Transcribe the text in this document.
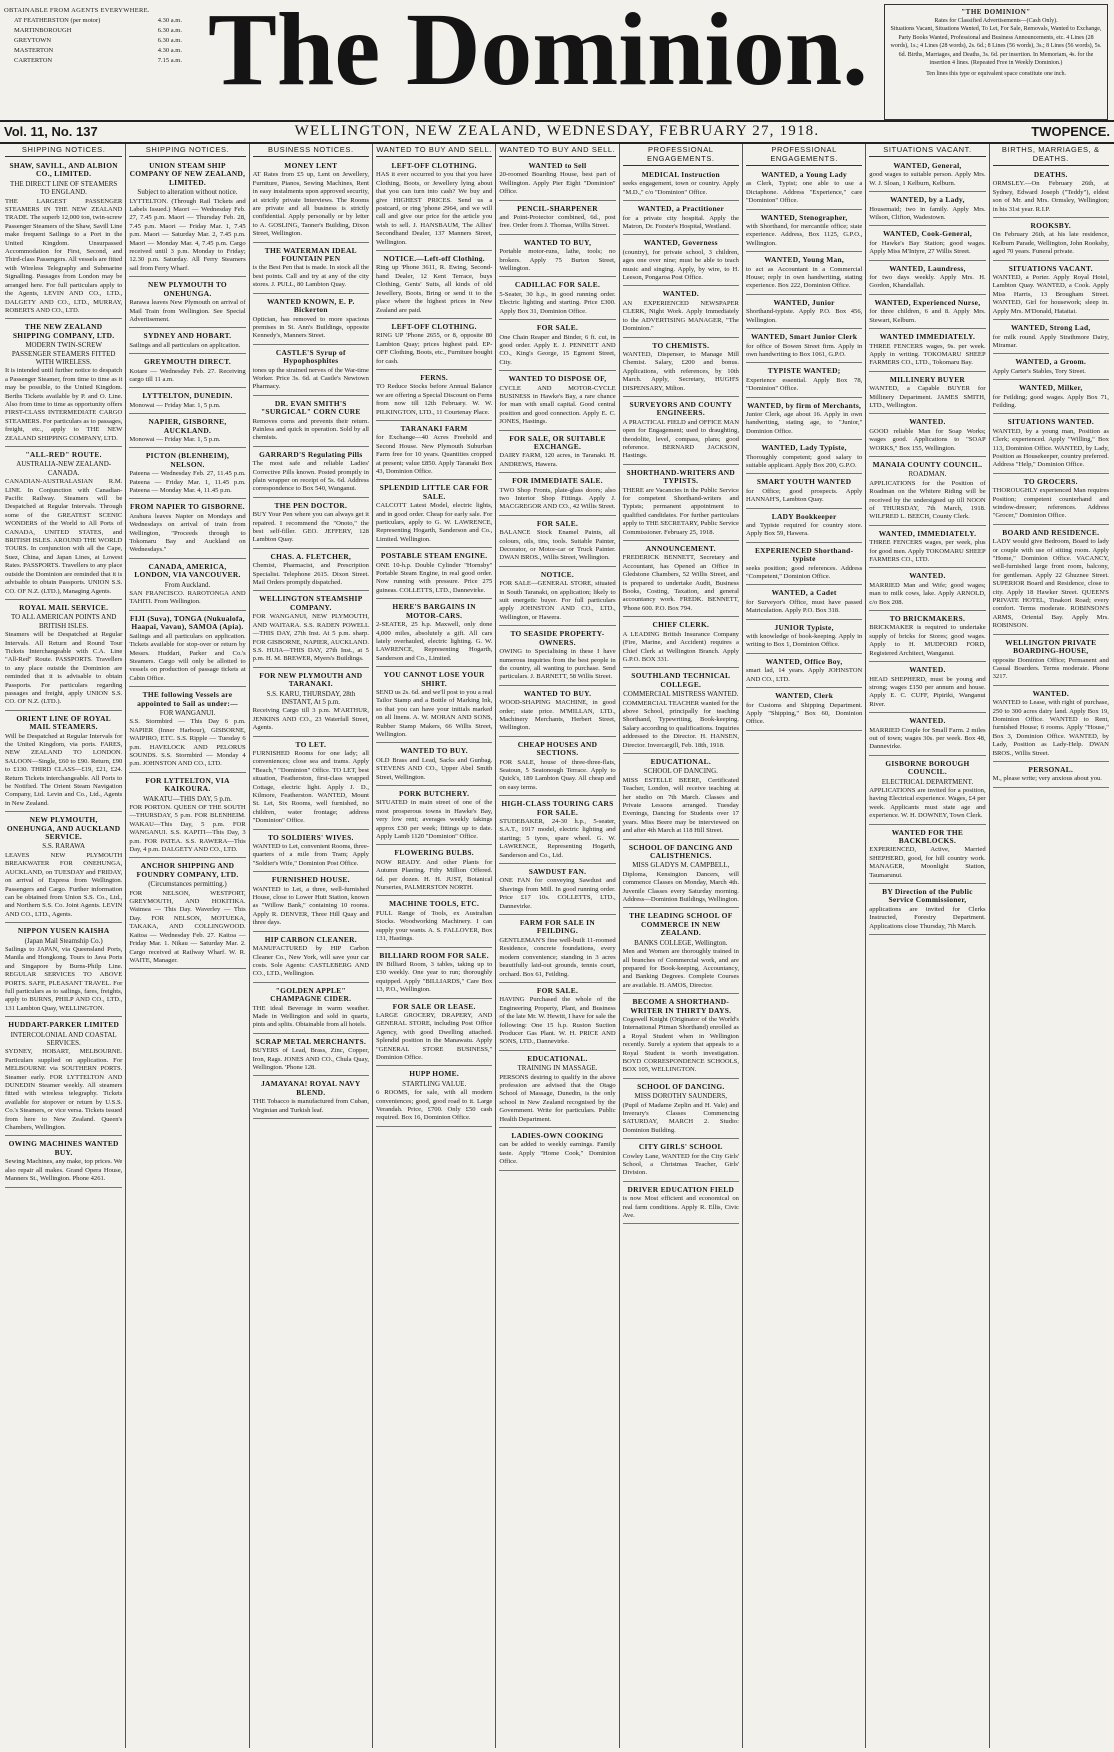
OBTAINABLE FROM AGENTS EVERYWHERE.
AT FEATHERSTON (per motor)	4.30 a.m.
MARTINBOROUGH	6.30 a.m.
GREYTOWN	6.30 a.m.
MASTERTON	4.30 a.m.
CARTERTON	7.15 a.m. The Dominion.	"THE DOMINION"
Rates for Classified Advertisements—(Cash Only).
Situations Vacant, Situations Wanted, To Let, For Sale, Removals, Wanted to Exchange, Party Books Wanted, Professional and Business Announcements, etc. 4 Lines (28 words), 1s.; 4 Lines (28 words), 2s. 6d.; 8 Lines (56 words), 3s.; 8 Lines (56 words), 5s. 6d. Births, Marriages, and Deaths, 3s. 6d. per insertion. In Memoriam, 4s. for the insertion 4 lines. (Repeated Free in Weekly Dominion.)
Ten lines this type or equivalent space constitute one inch.
WELLINGTON, NEW ZEALAND, WEDNESDAY, FEBRUARY 27, 1918.
Vol. 11, No. 137	TWOPENCE.
SHIPPING NOTICES.
SHAW, SAVILL, AND ALBION CO., LIMITED.
THE DIRECT LINE OF STEAMERS TO ENGLAND.
THE LARGEST PASSENGER STEAMERS IN THE NEW ZEALAND TRADE. The superb 12,000 ton, twin-screw Passenger Steamers of the Shaw, Savill Line make frequent Sailings to a Port in the United Kingdom. Unsurpassed Accommodation for First, Second, and Third-class Passengers. All vessels are fitted with Wireless Telegraphy and Submarine Signalling. Passages from London may be arranged here. For full particulars apply to the Agents, LEVIN AND CO., LTD., DALGETY AND CO., LTD., MURRAY, ROBERTS AND CO., LTD.
THE NEW ZEALAND SHIPPING COMPANY, LTD.
MODERN TWIN-SCREW PASSENGER STEAMERS FITTED WITH WIRELESS.
It is intended until further notice to despatch a Passenger Steamer, from time to time as it may be possible, to the United Kingdom. Berths Tickets available by P. and O. Line. Also from time to time as opportunity offers FIRST-CLASS INTERMEDIATE CARGO STEAMERS. For particulars as to passages, freight, etc., apply to THE NEW ZEALAND SHIPPING COMPANY, LTD.
"ALL-RED" ROUTE.
AUSTRALIA-NEW ZEALAND-CANADA.
CANADIAN-AUSTRALASIAN R.M. LINE. In Conjunction with Canadian-Pacific Railway. Steamers will be Despatched at Regular Intervals. Through some of the GREATEST SCENIC WONDERS of the World to All Ports of CANADA, UNITED STATES, and BRITISH ISLES. AROUND THE WORLD TOURS. In conjunction with all the Cape, Suez, China, and Japan Lines, at Lowest Rates. PASSPORTS. Travellers to any place outside the Dominion are reminded that it is advisable to obtain Passports. UNION S.S. CO. OF N.Z. (LTD.), Managing Agents.
ROYAL MAIL SERVICE.
TO ALL AMERICAN POINTS AND BRITISH ISLES.
Steamers will be Despatched at Regular Intervals. All Return and Round Tour Tickets Interchangeable with C.A. Line "All-Red" Route. PASSPORTS. Travellers to any place outside the Dominion are reminded that it is advisable to obtain Passports. For particulars regarding passages and freight, apply UNION S.S. CO. OF N.Z. (LTD.).
ORIENT LINE OF ROYAL MAIL STEAMERS.
Will be Despatched at Regular Intervals for the United Kingdom, via ports. FARES, NEW ZEALAND TO LONDON. SALOON—Single, £60 to £90. Return, £90 to £130. THIRD CLASS—£19, £21, £24. Return Tickets interchangeable. All Ports to be Notified. The Orient Steam Navigation Company, Ltd. Levin and Co., Ltd., Agents in New Zealand.
NEW PLYMOUTH, ONEHUNGA, AND AUCKLAND SERVICE.
S.S. RARAWA
LEAVES NEW PLYMOUTH BREAKWATER FOR ONEHUNGA, AUCKLAND, on TUESDAY and FRIDAY, on arrival of Express from Wellington. Passengers and Cargo. Further information can be obtained from Union S.S. Co., Ltd., and Northern S.S. Co. Joint Agents. LEVIN AND CO., LTD., Agents.
NIPPON YUSEN KAISHA
(Japan Mail Steamship Co.)
Sailings to JAPAN, via Queensland Ports, Manila and Hongkong. Tours to Java Ports and Singapore by Burns-Philp Line. REGULAR SERVICES TO ABOVE PORTS. SAFE, PLEASANT TRAVEL. For full particulars as to sailings, fares, freights, apply to BURNS, PHILP AND CO., LTD., 131 Lambton Quay, WELLINGTON.
HUDDART-PARKER LIMITED
INTERCOLONIAL AND COASTAL SERVICES.
SYDNEY, HOBART, MELBOURNE. Particulars supplied on application. For MELBOURNE via SOUTHERN PORTS. Steamer early. FOR LYTTELTON AND DUNEDIN Steamer weekly. All steamers fitted with wireless telegraphy. Tickets available for stopover or return by U.S.S. Co.'s Steamers, or vice versa. Tickets issued from here to New Zealand. Queen's Chambers, Wellington.
OWING MACHINES WANTED BUY.
Sewing Machines, any make, top prices. We also repair all makes. Grand Opera House, Manners St., Wellington. Phone 4261.
SHIPPING NOTICES.
UNION STEAM SHIP COMPANY OF NEW ZEALAND, LIMITED.
Subject to alteration without notice.
LYTTELTON. (Through Rail Tickets and Labels Issued.) Maori — Wednesday Feb. 27, 7.45 p.m. Maori — Thursday Feb. 28, 7.45 p.m. Maori — Friday Mar. 1, 7.45 p.m. Maori — Saturday Mar. 2, 7.45 p.m. Maori — Monday Mar. 4, 7.45 p.m. Cargo received until 3 p.m. Monday to Friday; 12.30 p.m. Saturday. All Ferry Steamers sail from Ferry Wharf.
NEW PLYMOUTH TO ONEHUNGA.
Rarawa leaves New Plymouth on arrival of Mail Train from Wellington. See Special Advertisement.
SYDNEY AND HOBART.
Sailings and all particulars on application.
GREYMOUTH DIRECT.
Kotare — Wednesday Feb. 27. Receiving cargo till 11 a.m.
LYTTELTON, DUNEDIN.
Monowai — Friday Mar. 1, 5 p.m.
NAPIER, GISBORNE, AUCKLAND.
Monowai — Friday Mar. 1, 5 p.m.
PICTON (BLENHEIM), NELSON.
Pateena — Wednesday Feb. 27, 11.45 p.m. Pateena — Friday Mar. 1, 11.45 p.m. Pateena — Monday Mar. 4, 11.45 p.m.
FROM NAPIER TO GISBORNE.
Arahura leaves Napier on Mondays and Wednesdays on arrival of train from Wellington, "Proceeds through to Tokomaru Bay and Auckland on Wednesdays."
CANADA, AMERICA, LONDON, VIA VANCOUVER.
From Auckland.
SAN FRANCISCO. RAROTONGA AND TAHITI. From Wellington.
FIJI (Suva), TONGA (Nukualofa, Haapai, Vavau), SAMOA (Apia).
Sailings and all particulars on application. Tickets available for stop-over or return by Messrs. Huddart, Parker and Co.'s Steamers. Cargo will only be allotted to vessels on production of passage tickets at Cabin Office.
THE following Vessels are appointed to Sail as under:—
FOR WANGANUI.
S.S. Stormbird — This Day 6 p.m. NAPIER (Inner Harbour), GISBORNE, WAIPIRO, ETC. S.S. Ripple — Tuesday 6 p.m. HAVELOCK AND PELORUS SOUNDS. S.S. Stormbird — Monday 4 p.m. JOHNSTON AND CO., LTD.
FOR LYTTELTON, VIA KAIKOURA.
WAKATU—THIS DAY, 5 p.m.
FOR PORTON. QUEEN OF THE SOUTH—THURSDAY, 5 p.m. FOR BLENHEIM. WAKAU—This Day, 5 p.m. FOR WANGANUI. S.S. KAPITI—This Day, 3 p.m. FOR PATEA. S.S. RAWERA—This Day, 4 p.m. DALGETY AND CO., LTD.
ANCHOR SHIPPING AND FOUNDRY COMPANY, LTD.
(Circumstances permitting.)
FOR NELSON, WESTPORT, GREYMOUTH, AND HOKITIKA. Waimea — This Day. Waverley — This Day. FOR NELSON, MOTUEKA, TAKAKA, AND COLLINGWOOD. Kaitoa — Wednesday Feb. 27. Kaitoa — Friday Mar. 1. Nikau — Saturday Mar. 2. Cargo received at Railway Wharf. W. R. WAITE, Manager.
BUSINESS NOTICES.
MONEY LENT
AT Rates from £5 up, Lent on Jewellery, Furniture, Pianos, Sewing Machines, Rent in easy instalments upon approved security, at strictly private Interviews. The Rooms are private and all business is strictly confidential. Apply personally or by letter to A. GOSLING, Tanner's Building, Dixon Street, Wellington.
THE WATERMAN IDEAL FOUNTAIN PEN
is the Best Pen that is made. In stock all the best points. Call and try at any of the city stores. J. PULL, 80 Lambton Quay.
WANTED KNOWN, E. P. Bickerton
Optician, has removed to more spacious premises in St. Ann's Buildings, opposite Kennedy's, Manners Street.
CASTLE'S Syrup of Hypophosphites
tones up the strained nerves of the War-time Worker. Price 3s. 6d. at Castle's Newtown Pharmacy.
DR. EVAN SMITH'S "SURGICAL" CORN CURE
Removes corns and prevents their return. Painless and quick in operation. Sold by all chemists.
GARRARD'S Regulating Pills
The most safe and reliable Ladies' Corrective Pills known. Posted promptly in plain wrapper on receipt of 5s. 6d. Address correspondence to Box 540, Wanganui.
THE PEN DOCTOR.
BUY Your Pen where you can always get it repaired. I recommend the "Onoto," the best self-filler. GEO. JEFFERY, 128 Lambton Quay.
CHAS. A. FLETCHER,
Chemist, Pharmacist, and Prescription Specialist. Telephone 2615. Dixon Street. Mail Orders promptly dispatched.
WELLINGTON STEAMSHIP COMPANY.
FOR WANGANUI, NEW PLYMOUTH, AND WAITARA. S.S. RADEN POWELL—THIS DAY, 27th Inst. At 5 p.m. sharp. FOR GISBORNE, NAPIER, AUCKLAND. S.S. HUIA—THIS DAY, 27th Inst., at 5 p.m. H. M. BREWER, Myers's Buildings.
FOR NEW PLYMOUTH AND TARANAKI.
S.S. KARU, THURSDAY, 28th INSTANT, At 5 p.m.
Receiving Cargo till 3 p.m. M'ARTHUR, JENKINS AND CO., 23 Waterfall Street, Agents.
TO LET.
FURNISHED Rooms for one lady; all conveniences; close sea and trams. Apply "Beach," "Dominion" Office. TO LET, best situation, Featherston, first-class wrapped Cottage, electric light. Apply J. D., Kilmore, Featherston. WANTED, Mount St. Let, Six Rooms, well furnished, no children, water frontage; address "Dominion" Office.
TO SOLDIERS' WIVES.
WANTED to Let, convenient Rooms, three-quarters of a mile from Tram; Apply "Soldier's Wife," Dominion Post Office.
FURNISHED HOUSE.
WANTED to Let, a three, well-furnished House, close to Lower Hutt Station, known as "Willow Bank," containing 10 rooms. Apply R. DENVER, Three Hill Quay and three days.
HIP CARBON CLEANER.
MANUFACTURED by HIP Carbon Cleaner Co., New York, will save your car costs. Sole Agents: CASTLEBERG AND CO., LTD., Wellington.
"GOLDEN APPLE" CHAMPAGNE CIDER.
THE ideal Beverage in warm weather. Made in Wellington and sold in quarts, pints and splits. Obtainable from all hotels.
SCRAP METAL MERCHANTS.
BUYERS of Lead, Brass, Zinc, Copper, Iron, Rags. JONES AND CO., Chula Quay, Wellington. 'Phone 128.
JAMAYANA! ROYAL NAVY BLEND.
THE Tobacco is manufactured from Cuban, Virginian and Turkish leaf.
WANTED TO BUY AND SELL.
LEFT-OFF CLOTHING.
HAS it ever occurred to you that you have Clothing, Boots, or Jewellery lying about that you can turn into cash? We buy and give HIGHEST PRICES. Send us a postcard, or ring 'phone 2964, and we will call and give our price for the article you wish to sell. J. HANSBAUM, The Allies' Secondhand Dealer, 137 Manners Street, Wellington.
NOTICE.—Left-off Clothing.
Ring up 'Phone 3611, R. Ewing, Second-hand Dealer, 12 Kent Terrace, buys Clothing, Gents' Suits, all kinds of old Jewellery, Boots, Bring or send it to the place where the highest prices in New Zealand are paid.
LEFT-OFF CLOTHING.
RING UP 'Phone 2655, or 8, opposite 80 Lambton Quay; prices highest paid. EP-OFF Clothing, Boots, etc., Furniture bought for cash.
FERNS.
TO Reduce Stocks before Annual Balance we are offering a Special Discount on Ferns from now till 12th February. W. W. PILKINGTON, LTD., 11 Courtenay Place.
TARANAKI FARM
for Exchange—40 Acres Freehold and Second House. New Plymouth Suburban Farm free for 10 years. Quantities cropped at present; value £850. Apply Taranaki Box 43, Dominion Office.
SPLENDID LITTLE CAR FOR SALE.
CALCOTT Latest Model, electric lights, and in good order. Cheap for early sale. For particulars, apply to G. W. LAWRENCE, Representing Hogarth, Sanderson and Co., Limited. Wellington.
POSTABLE STEAM ENGINE.
ONE 10-h.p. Double Cylinder "Hornsby" Portable Steam Engine, in real good order. Now running with pressure. Price 275 guineas. COLLETTS, LTD., Dannevirke.
HERE'S BARGAINS IN MOTOR-CARS.
2-SEATER, 25 h.p. Maxwell, only done 4,000 miles, absolutely a gift. All cars lately overhauled, electric lighting. G. W. LAWRENCE, Representing Hogarth, Sanderson and Co., Limited.
YOU CANNOT LOSE YOUR SHIRT.
SEND us 2s. 6d. and we'll post to you a real Tailor Stamp and a Bottle of Marking Ink, so that you can have your initials marked on all linens. A. W. MORAN AND SONS, Rubber Stamp Makers, 66 Willis Street, Wellington.
WANTED TO BUY.
OLD Brass and Lead, Sacks and Gunbag. STEVENS AND CO., Upper Abel Smith Street, Wellington.
PORK BUTCHERY.
SITUATED in main street of one of the most prosperous towns in Hawke's Bay, very low rent; averages weekly takings approx £30 per week; fittings up to date. Apply Lamb 1120 "Dominion" Office.
FLOWERING BULBS.
NOW READY. And other Plants for Autumn Planting. Fifty Million Offered. 6d. per dozen. H. H. JUST, Botanical Nurseries, PALMERSTON NORTH.
MACHINE TOOLS, ETC.
FULL Range of Tools, ex Australian Stocks. Woodworking Machinery. I can supply your wants. A. S. FALLOVER, Box 131, Hastings.
BILLIARD ROOM FOR SALE.
IN Billiard Room, 3 tables, taking up to £30 weekly. One year to run; thoroughly equipped. Apply "BILLIARDS," Care Box 13, P.O., Wellington.
FOR SALE OR LEASE.
LARGE GROCERY, DRAPERY, AND GENERAL STORE, including Post Office Agency, with good Dwelling attached. Splendid position in the Manawatu. Apply "GENERAL STORE BUSINESS," Dominion Office.
HUPP HOME.
STARTLING VALUE.
6 ROOMS, for sale, with all modern conveniences; good, good road to it. Large Verandah. Price, £700. Only £50 cash required. Box 16, Dominion Office.
WANTED TO BUY AND SELL.
WANTED to Sell
20-roomed Boarding House, best part of Wellington. Apply Pier Eight "Dominion" Office.
PENCIL-SHARPENER
and Point-Protector combined, 6d., post free. Order from J. Thomas, Willis Street.
WANTED TO BUY,
Portable motor-runs, lathe, tools; no brokers. Apply 75 Burton Street, Wellington.
CADILLAC FOR SALE.
5-Seater, 30 h.p., in good running order. Electric lighting and starting. Price £300. Apply Box 31, Dominion Office.
FOR SALE.
One Chain Reaper and Binder, 6 ft. cut, in good order. Apply E. J. PENNETT AND CO., King's George, 15 Egmont Street, City.
WANTED TO DISPOSE OF,
CYCLE AND MOTOR-CYCLE BUSINESS in Hawke's Bay, a rare chance for man with small capital. Good central position and good connection. Apply E. C. JONES, Hastings.
FOR SALE, OR SUITABLE EXCHANGE.
DAIRY FARM, 120 acres, in Taranaki. H. ANDREWS, Hawera.
FOR IMMEDIATE SALE.
TWO Shop Fronts, plate-glass doors; also two Interior Shop Fittings. Apply J. MACGREGOR AND CO., 42 Willis Street.
FOR SALE.
BALANCE Stock Enamel Paints, all colours, oils, tins, tools. Suitable Painter, Decorator, or Motor-car or Truck Painter. DWAN BROS., Willis Street, Wellington.
NOTICE.
FOR SALE—GENERAL STORE, situated in South Taranaki, on application; likely to suit energetic buyer. For full particulars apply JOHNSTON AND CO., LTD., Wellington, or Hawera.
TO SEASIDE PROPERTY-OWNERS.
OWING to Specialising in these I have numerous inquiries from the best people in the country, all wanting to purchase. Send particulars. J. BARNETT, 58 Willis Street.
WANTED TO BUY.
WOOD-SHAPING MACHINE, in good order; state price. M'MILLAN, LTD., Machinery Merchants, Herbert Street, Wellington.
CHEAP HOUSES AND SECTIONS.
FOR SALE, house of three-three-flats, Seatoun, 5 Seatonough Terrace. Apply to Quick's, 189 Lambton Quay. All cheap and on easy terms.
HIGH-CLASS TOURING CARS FOR SALE.
STUDEBAKER, 24-30 h.p., 5-seater, S.A.T., 1917 model, electric lighting and starting; 5 tyres, spare wheel. G. W. LAWRENCE, Representing Hogarth, Sanderson and Co., Ltd.
SAWDUST FAN.
ONE FAN for conveying Sawdust and Shavings from Mill. In good running order. Price £17 10s. COLLETTS, LTD., Dannevirke.
FARM FOR SALE IN FEILDING.
GENTLEMAN'S fine well-built 11-roomed Residence, concrete foundations, every modern convenience; standing in 3 acres beautifully laid-out grounds, tennis court, orchard. Box 61, Feilding.
FOR SALE.
HAVING Purchased the whole of the Engineering Property, Plant, and Business of the late Mr. W. Hewitt, I have for sale the following: One 15 h.p. Ruston Suction Producer Gas Plant. W. H. PRICE AND SONS, LTD., Dannevirke.
EDUCATIONAL.
TRAINING IN MASSAGE.
PERSONS desiring to qualify in the above profession are advised that the Otago School of Massage, Dunedin, is the only school in New Zealand recognised by the Government. Write for particulars. Public Health Department.
LADIES-OWN COOKING
can be added to weekly earnings. Family taste. Apply "Home Cook," Dominion Office.
PROFESSIONAL ENGAGEMENTS.
MEDICAL Instruction
seeks engagement, town or country. Apply "M.D.," c/o "Dominion" Office.
WANTED, a Practitioner
for a private city hospital. Apply the Matron, Dr. Forster's Hospital, Westland.
WANTED, Governess
(country), for private school, 3 children, ages one over nine; must be able to teach music and singing. Apply, by wire, to H. Leeson, Pongaroa Post Office.
WANTED.
AN EXPERIENCED NEWSPAPER CLERK, Night Work. Apply Immediately to the ADVERTISING MANAGER, "The Dominion."
TO CHEMISTS.
WANTED, Dispenser, to Manage Mill Chemist. Salary, £200 and bonus. Applications, with references, by 10th March. Apply, Secretary, HUGH'S DISPENSARY, Milton.
SURVEYORS AND COUNTY ENGINEERS.
A PRACTICAL FIELD and OFFICE MAN open for Engagement; used to draughting, theodolite, level, compass, plans; good reference. BERNARD JACKSON, Hastings.
SHORTHAND-WRITERS AND TYPISTS.
THERE are Vacancies in the Public Service for competent Shorthand-writers and Typists; permanent appointment to qualified candidates. For further particulars apply to THE SECRETARY, Public Service Commissioner. February 25, 1918.
ANNOUNCEMENT.
FREDERICK BENNETT, Secretary and Accountant, has Opened an Office in Gledstone Chambers, 52 Willis Street, and is prepared to undertake Audit, Business Books, Costing, Taxation, and general accountancy work. FREDK. BENNETT, 'Phone 600. P.O. Box 794.
CHIEF CLERK.
A LEADING British Insurance Company (Fire, Marine, and Accident) requires a Chief Clerk at Wellington Branch. Apply G.P.O. BOX 331.
SOUTHLAND TECHNICAL COLLEGE.
COMMERCIAL MISTRESS WANTED.
COMMERCIAL TEACHER wanted for the above School, principally for teaching Shorthand, Typewriting, Book-keeping. Salary according to qualifications. Inquiries addressed to the Director. H. HANSEN, Director. Invercargill, Feb. 18th, 1918.
EDUCATIONAL.
SCHOOL OF DANCING.
MISS ESTELLE BEERE, Certificated Teacher, London, will receive teaching at her studio on 7th March. Classes and Private Lessons arranged. Tuesday Evenings, Dancing for Students over 17 years. Miss Beere may be interviewed on and after 4th March at 118 Hill Street.
SCHOOL OF DANCING AND CALISTHENICS.
MISS GLADYS M. CAMPBELL,
Diploma, Kensington Dancers, will commence Classes on Monday, March 4th. Juvenile Classes every Saturday morning. Address—Dominion Buildings, Wellington.
THE LEADING SCHOOL OF COMMERCE IN NEW ZEALAND.
BANKS COLLEGE, Wellington.
Men and Women are thoroughly trained in all branches of Commercial work, and are prepared for Book-keeping, Accountancy, and Banking Degrees. Complete Courses are available. H. AMOS, Director.
BECOME A SHORTHAND-WRITER IN THIRTY DAYS.
Cogswell Knight (Originator of the World's International Pitman Shorthand) enrolled as a Royal Student when in Wellington recently. Surely a system that appeals to a Royal Student is worth investigation. BOYD CORRESPONDENCE SCHOOLS, BOX 105, WELLINGTON.
SCHOOL OF DANCING.
MISS DOROTHY SAUNDERS,
(Pupil of Madame Zeplin and H. Vale) and Inverary's Classes Commencing SATURDAY, MARCH 2. Studio: Dominion Building.
CITY GIRLS' SCHOOL
Cowley Lane, WANTED for the City Girls' School, a Christmas Teacher, Girls' Division.
DRIVER EDUCATION FIELD
is now Most efficient and economical on real farm conditions. Apply R. Ellis, Civic Ave.
PROFESSIONAL ENGAGEMENTS.
WANTED, a Young Lady
as Clerk, Typist; one able to use a Dictaphone. Address "Experience," care "Dominion" Office.
WANTED, Stenographer,
with Shorthand, for mercantile office; state experience. Address, Box 1125, G.P.O., Wellington.
WANTED, Young Man,
to act as Accountant in a Commercial House; reply in own handwriting, stating experience. Box 222, Dominion Office.
WANTED, Junior
Shorthand-typiste. Apply P.O. Box 456, Wellington.
WANTED, Smart Junior Clerk
for office of Bowen Street firm. Apply in own handwriting to Box 1061, G.P.O.
TYPISTE WANTED;
Experience essential. Apply Box 78, "Dominion" Office.
WANTED, by firm of Merchants,
Junior Clerk, age about 16. Apply in own handwriting, stating age, to "Junior," Dominion Office.
WANTED, Lady Typiste,
Thoroughly competent; good salary to suitable applicant. Apply Box 200, G.P.O.
SMART YOUTH WANTED
for Office; good prospects. Apply HANNAH'S, Lambton Quay.
LADY Bookkeeper
and Typiste required for country store. Apply Box 59, Hawera.
EXPERIENCED Shorthand-typiste
seeks position; good references. Address "Competent," Dominion Office.
WANTED, a Cadet
for Surveyor's Office, must have passed Matriculation. Apply P.O. Box 318.
JUNIOR Typiste,
with knowledge of book-keeping. Apply in writing to Box 1, Dominion Office.
WANTED, Office Boy,
smart lad, 14 years. Apply JOHNSTON AND CO., LTD.
WANTED, Clerk
for Customs and Shipping Department. Apply "Shipping," Box 60, Dominion Office.
SITUATIONS VACANT.
WANTED, General,
good wages to suitable person. Apply Mrs. W. J. Sloan, 1 Kelburn, Kelburn.
WANTED, by a Lady,
Housemaid; two in family. Apply Mrs. Wilson, Clifton, Wadestown.
WANTED, Cook-General,
for Hawke's Bay Station; good wages. Apply Miss M'Intyre, 27 Willis Street.
WANTED, Laundress,
for two days weekly. Apply Mrs. H. Gordon, Khandallah.
WANTED, Experienced Nurse,
for three children, 6 and 8. Apply Mrs. Stewart, Kelburn.
WANTED IMMEDIATELY.
THREE FENCERS wages, 9s. per week. Apply in writing. TOKOMARU SHEEP FARMERS CO., LTD., Tokomaru Bay.
MILLINERY BUYER
WANTED, a Capable BUYER for Millinery Department. JAMES SMITH, LTD., Wellington.
WANTED.
GOOD reliable Man for Soap Works; wages good. Applications to "SOAP WORKS," Box 155, Wellington.
MANAIA COUNTY COUNCIL.
ROADMAN.
APPLICATIONS for the Position of Roadman on the Whitere Riding will be received by the undersigned up till NOON of THURSDAY, 7th March, 1918. WILFRED L. BEECH, County Clerk.
WANTED, IMMEDIATELY.
THREE FENCERS wages, per week, plus for good men. Apply TOKOMARU SHEEP FARMERS CO., LTD.
WANTED.
MARRIED Man and Wife; good wages; man to milk cows, lake. Apply ARNOLD, c/o Box 208.
TO BRICKMAKERS.
BRICKMAKER is required to undertake supply of bricks for Stores; good wages. Apply to H. MUDFORD FORD, Registered Architect, Wanganui.
WANTED.
HEAD SHEPHERD, must be young and strong; wages £150 per annum and house. Apply E. C. CUFF, Pipiriki, Wanganui River.
WANTED.
MARRIED Couple for Small Farm. 2 miles out of town; wages 30s. per week. Box 48, Dannevirke.
GISBORNE BOROUGH COUNCIL.
ELECTRICAL DEPARTMENT.
APPLICATIONS are invited for a position, having Electrical experience. Wages, £4 per week. Applicants must state age and experience. W. H. DOWNEY, Town Clerk.
WANTED FOR THE BACKBLOCKS.
EXPERIENCED, Active, Married SHEPHERD, good, for hill country work. MANAGER, Moonlight Station, Taumarunui.
BY Direction of the Public Service Commissioner,
applications are invited for Clerks Instructed, Forestry Department. Applications close Thursday, 7th March.
BIRTHS, MARRIAGES, & DEATHS.
DEATHS.
ORMSLEY.—On February 26th, at Sydney, Edward Joseph ("Teddy"), eldest son of Mr. and Mrs. Ormsley, Wellington; in his 31st year. R.I.P.
ROOKSBY.
On February 26th, at his late residence, Kelburn Parade, Wellington, John Rooksby, aged 70 years. Funeral private.
SITUATIONS VACANT.
WANTED, a Porter. Apply Royal Hotel, Lambton Quay. WANTED, a Cook. Apply Miss Harris, 13 Brougham Street. WANTED, Girl for housework; sleep in. Apply Mrs. M'Donald, Hataitai.
WANTED, Strong Lad,
for milk round. Apply Strathmore Dairy, Miramar.
WANTED, a Groom.
Apply Carter's Stables, Tory Street.
WANTED, Milker,
for Feilding; good wages. Apply Box 71, Feilding.
SITUATIONS WANTED.
WANTED, by a young man, Position as Clerk; experienced. Apply "Willing," Box 113, Dominion Office. WANTED, by Lady, Position as Housekeeper, country preferred. Address "Help," Dominion Office.
TO GROCERS.
THOROUGHLY experienced Man requires Position; competent counterhand and window-dresser; references. Address "Grocer," Dominion Office.
BOARD AND RESIDENCE.
LADY would give Bedroom, Board to lady or couple with use of sitting room. Apply "Home," Dominion Office. VACANCY, well-furnished large front room, balcony, for gentleman. Apply 22 Ghuznee Street. SUPERIOR Board and Residence, close to city. Apply 18 Hawker Street. QUEEN'S PRIVATE HOTEL, Tinakori Road; every comfort. Terms moderate. ROBINSON'S ARMS, Oriental Bay. Apply Mrs. ROBINSON.
WELLINGTON PRIVATE BOARDING-HOUSE,
opposite Dominion Office; Permanent and Casual Boarders. Terms moderate. Phone 3217.
WANTED.
WANTED to Lease, with right of purchase, 250 to 300 acres dairy land. Apply Box 19, Dominion Office. WANTED to Rent, furnished House; 6 rooms. Apply "House," Box 3, Dominion Office. WANTED, by Lady, Position as Lady-Help. DWAN BROS., Willis Street.
PERSONAL.
M., please write; very anxious about you.
